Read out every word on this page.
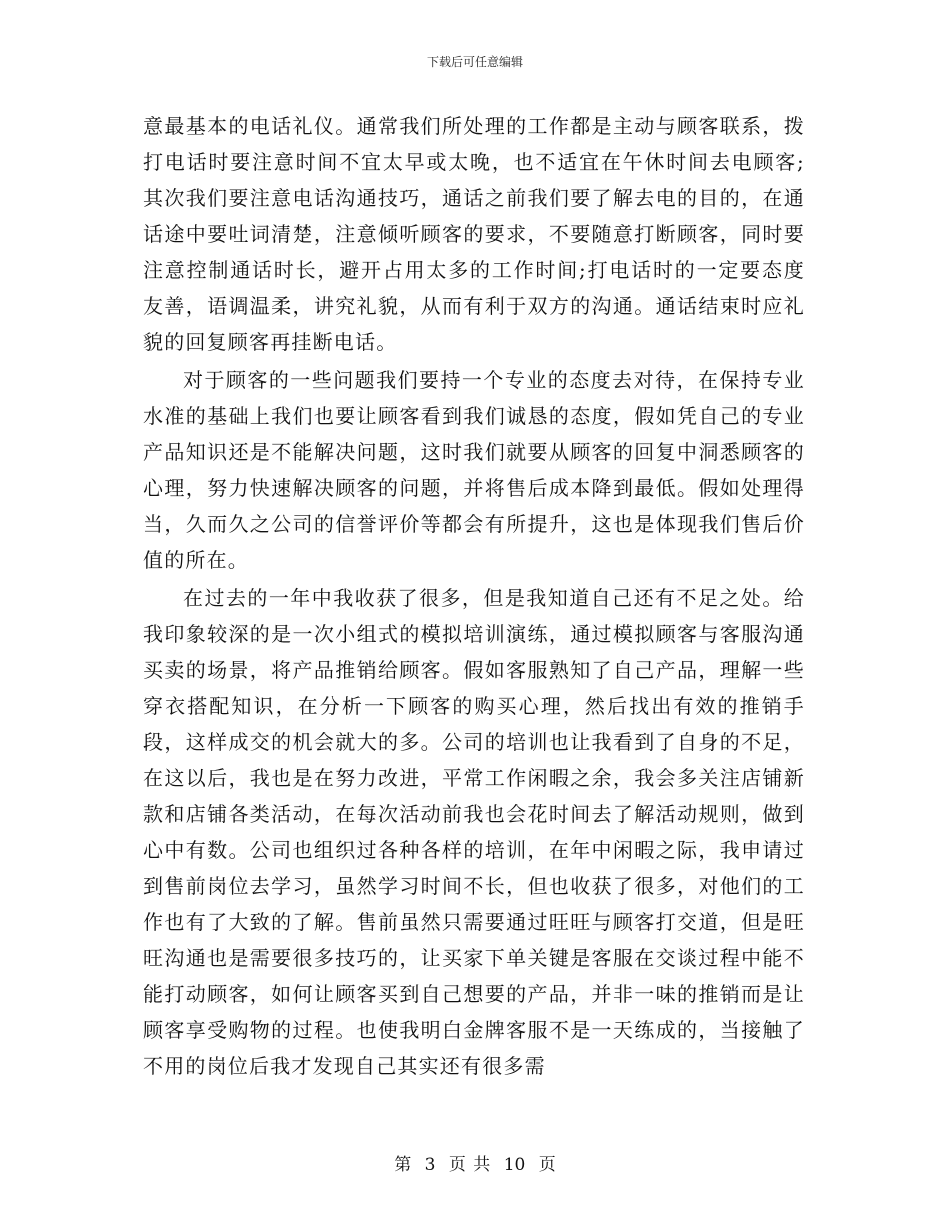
下载后可任意编辑

意最基本的电话礼仪。通常我们所处理的工作都是主动与顾客联系，拨打电话时要注意时间不宜太早或太晚，也不适宜在午休时间去电顾客;其次我们要注意电话沟通技巧，通话之前我们要了解去电的目的，在通话途中要吐词清楚，注意倾听顾客的要求，不要随意打断顾客，同时要注意控制通话时长，避开占用太多的工作时间;打电话时的一定要态度友善，语调温柔，讲究礼貌，从而有利于双方的沟通。通话结束时应礼貌的回复顾客再挂断电话。

对于顾客的一些问题我们要持一个专业的态度去对待，在保持专业水准的基础上我们也要让顾客看到我们诚恳的态度，假如凭自己的专业产品知识还是不能解决问题，这时我们就要从顾客的回复中洞悉顾客的心理，努力快速解决顾客的问题，并将售后成本降到最低。假如处理得当，久而久之公司的信誉评价等都会有所提升，这也是体现我们售后价值的所在。

在过去的一年中我收获了很多，但是我知道自己还有不足之处。给我印象较深的是一次小组式的模拟培训演练，通过模拟顾客与客服沟通买卖的场景，将产品推销给顾客。假如客服熟知了自己产品，理解一些穿衣搭配知识，在分析一下顾客的购买心理，然后找出有效的推销手段，这样成交的机会就大的多。公司的培训也让我看到了自身的不足，在这以后，我也是在努力改进，平常工作闲暇之余，我会多关注店铺新款和店铺各类活动，在每次活动前我也会花时间去了解活动规则，做到心中有数。公司也组织过各种各样的培训，在年中闲暇之际，我申请过到售前岗位去学习，虽然学习时间不长，但也收获了很多，对他们的工作也有了大致的了解。售前虽然只需要通过旺旺与顾客打交道，但是旺旺沟通也是需要很多技巧的，让买家下单关键是客服在交谈过程中能不能打动顾客，如何让顾客买到自己想要的产品，并非一味的推销而是让顾客享受购物的过程。也使我明白金牌客服不是一天练成的，当接触了不用的岗位后我才发现自己其实还有很多需

第 3 页 共 10 页
